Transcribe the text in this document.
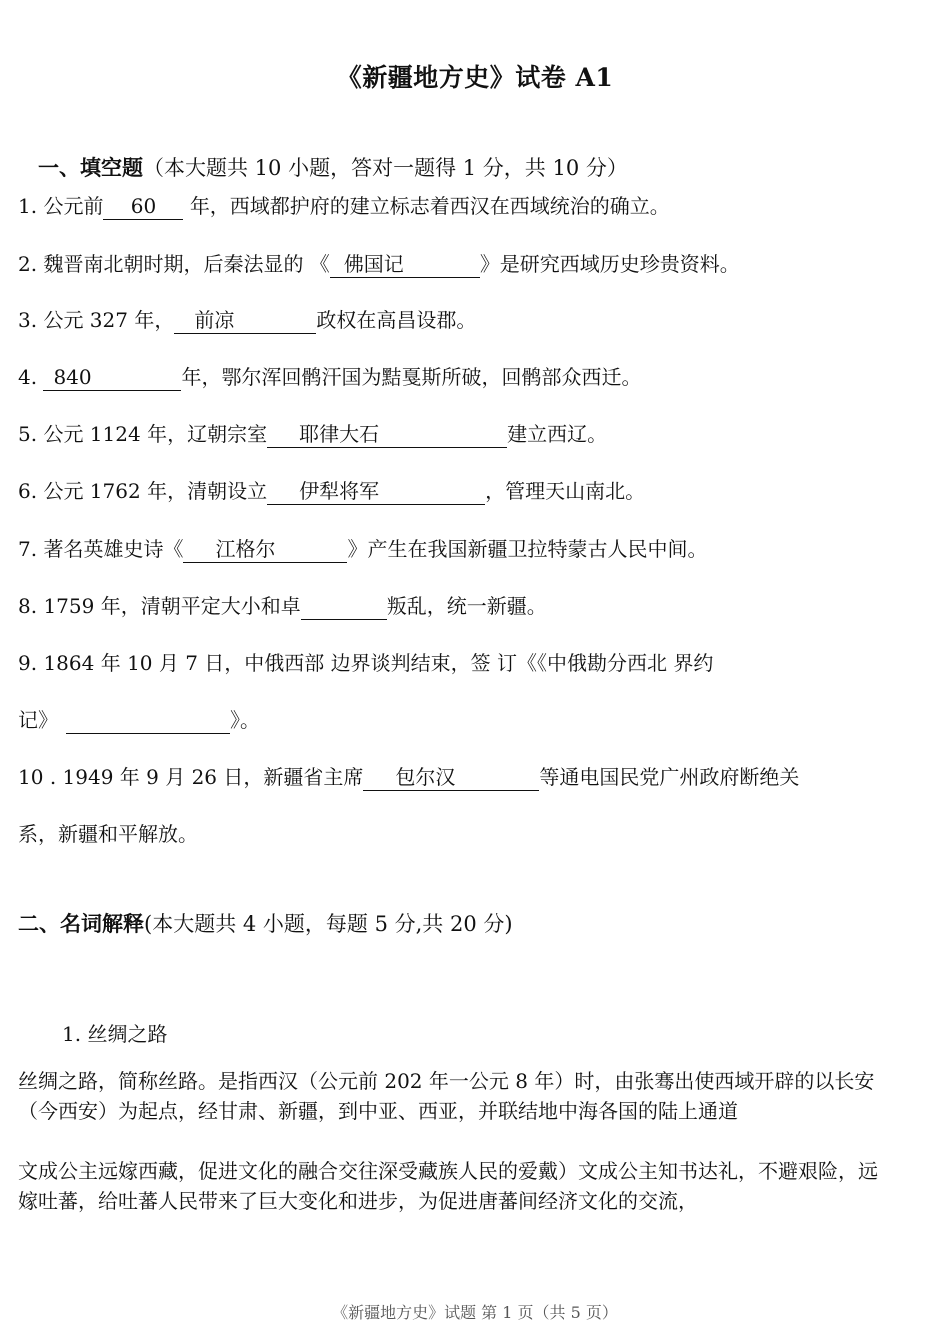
《新疆地方史》试卷 A1
一、填空题（本大题共 10 小题，答对一题得 1 分，共 10 分）
1. 公元前 60 年，西域都护府的建立标志着西汉在西域统治的确立。
2. 魏晋南北朝时期，后秦法显的 《 佛国记	》是研究西域历史珍贵资料。
3. 公元 327 年， 前凉	政权在高昌设郡。
4. 840	年，鄂尔浑回鹘汗国为黠戛斯所破，回鹘部众西迁。
5. 公元 1124 年，辽朝宗室 耶律大石	建立西辽。
6. 公元 1762 年，清朝设立 伊犁将军	，管理天山南北。
7. 著名英雄史诗《 江格尔	》产生在我国新疆卫拉特蒙古人民中间。
8. 1759 年，清朝平定大小和卓	叛乱，统一新疆。
9. 1864 年 10 月 7 日，中俄西部 边界谈判结束，签 订《《中俄勘分西北 界约
记》	》。
10 . 1949 年 9 月 26 日，新疆省主席 包尔汉	等通电国民党广州政府断绝关
系，新疆和平解放。
二、名词解释(本大题共 4 小题，每题 5 分,共 20 分)
1. 丝绸之路
丝绸之路，简称丝路。是指西汉（公元前 202 年一公元 8 年）时，由张骞出使西域开辟的以长安（今西安）为起点，经甘肃、新疆，到中亚、西亚，并联结地中海各国的陆上通道
文成公主远嫁西藏，促进文化的融合交往深受藏族人民的爱戴）文成公主知书达礼，不避艰险，远嫁吐蕃，给吐蕃人民带来了巨大变化和进步，为促进唐蕃间经济文化的交流，
《新疆地方史》试题 第 1 页（共 5 页）
